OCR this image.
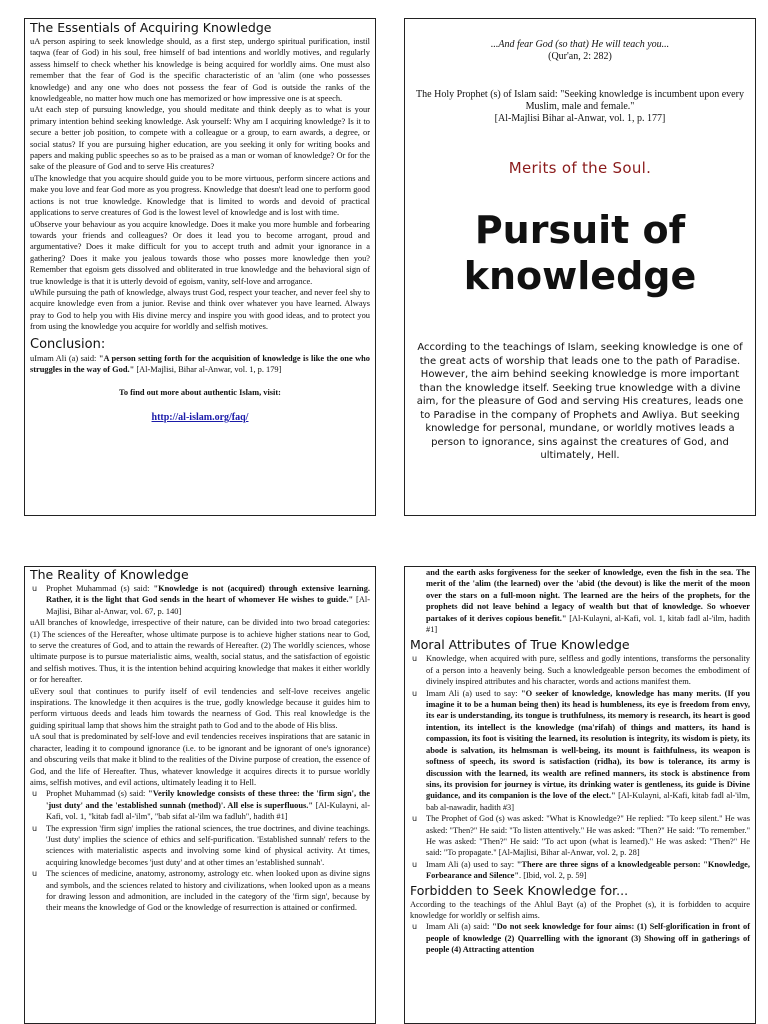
The Essentials of Acquiring Knowledge

uA person aspiring to seek knowledge should, as a first step, undergo spiritual purification, instil taqwa (fear of God) in his soul, free himself of bad intentions and worldly motives, and regularly assess himself to check whether his knowledge is being acquired for worldly aims. One must also remember that the fear of God is the specific characteristic of an 'alim (one who possesses knowledge) and any one who does not possess the fear of God is outside the ranks of the knowledgeable, no matter how much one has memorized or how impressive one is at speech.

uAt each step of pursuing knowledge, you should meditate and think deeply as to what is your primary intention behind seeking knowledge. Ask yourself: Why am I acquiring knowledge? Is it to secure a better job position, to compete with a colleague or a group, to earn awards, a degree, or social status? If you are pursuing higher education, are you seeking it only for writing books and papers and making public speeches so as to be praised as a man or woman of knowledge? Or for the sake of the pleasure of God and to serve His creatures?

uThe knowledge that you acquire should guide you to be more virtuous, perform sincere actions and make you love and fear God more as you progress. Knowledge that doesn't lead one to perform good actions is not true knowledge. Knowledge that is limited to words and devoid of practical applications to serve creatures of God is the lowest level of knowledge and is lost with time.

uObserve your behaviour as you acquire knowledge. Does it make you more humble and forbearing towards your friends and colleagues? Or does it lead you to become arrogant, proud and argumentative? Does it make difficult for you to accept truth and admit your ignorance in a gathering? Does it make you jealous towards those who posses more knowledge then you? Remember that egoism gets dissolved and obliterated in true knowledge and the behavioral sign of true knowledge is that it is utterly devoid of egoism, vanity, self-love and arrogance.

uWhile pursuing the path of knowledge, always trust God, respect your teacher, and never feel shy to acquire knowledge even from a junior. Revise and think over whatever you have learned. Always pray to God to help you with His divine mercy and inspire you with good ideas, and to protect you from using the knowledge you acquire for worldly and selfish motives.

Conclusion:

uImam Ali (a) said: "A person setting forth for the acquisition of knowledge is like the one who struggles in the way of God." [Al-Majlisi, Bihar al-Anwar, vol. 1, p. 179]

To find out more about authentic Islam, visit:

http://al-islam.org/faq/
...And fear God (so that) He will teach you...
(Qur'an, 2: 282)
The Holy Prophet (s) of Islam said: "Seeking knowledge is incumbent upon every Muslim, male and female."
[Al-Majlisi Bihar al-Anwar, vol. 1, p. 177]
Merits of the Soul.
Pursuit of knowledge
According to the teachings of Islam, seeking knowledge is one of the great acts of worship that leads one to the path of Paradise. However, the aim behind seeking knowledge is more important than the knowledge itself. Seeking true knowledge with a divine aim, for the pleasure of God and serving His creatures, leads one to Paradise in the company of Prophets and Awliya. But seeking knowledge for personal, mundane, or worldly motives leads a person to ignorance, sins against the creatures of God, and ultimately, Hell.
The Reality of Knowledge
u Prophet Muhammad (s) said: "Knowledge is not (acquired) through extensive learning. Rather, it is the light that God sends in the heart of whomever He wishes to guide." [Al-Majlisi, Bihar al-Anwar, vol. 67, p. 140]

uAll branches of knowledge, irrespective of their nature, can be divided into two broad categories: (1) The sciences of the Hereafter, whose ultimate purpose is to achieve higher stations near to God, to serve the creatures of God, and to attain the rewards of Hereafter. (2) The worldly sciences, whose ultimate purpose is to pursue materialistic aims, wealth, social status, and the satisfaction of egoistic and selfish motives. Thus, it is the intention behind acquiring knowledge that makes it either worldly or for hereafter.

uEvery soul that continues to purify itself of evil tendencies and self-love receives angelic inspirations. The knowledge it then acquires is the true, godly knowledge because it guides him to perform virtuous deeds and leads him towards the nearness of God. This real knowledge is the guiding spiritual lamp that shows him the straight path to God and to the abode of His bliss.

uA soul that is predominated by self-love and evil tendencies receives inspirations that are satanic in character, leading it to compound ignorance (i.e. to be ignorant and be ignorant of one's ignorance) and obscuring veils that make it blind to the realities of the Divine purpose of creation, the essence of God, and the life of Hereafter. Thus, whatever knowledge it acquires directs it to pursue worldly aims, selfish motives, and evil actions, ultimately leading it to Hell.

u Prophet Muhammad (s) said: "Verily knowledge consists of these three: the 'firm sign', the 'just duty' and the 'established sunnah (method)'. All else is superfluous." [Al-Kulayni, al-Kafi, vol. 1, "kitab fadl al-'ilm", "bab sifat al-'ilm wa fadluh", hadith #1]
u The expression 'firm sign' implies the rational sciences, the true doctrines, and divine teachings. 'Just duty' implies the science of ethics and self-purification. 'Established sunnah' refers to the sciences with materialistic aspects and involving some kind of physical activity. At times, acquiring knowledge becomes 'just duty' and at other times an 'established sunnah'.
u The sciences of medicine, anatomy, astronomy, astrology etc. when looked upon as divine signs and symbols, and the sciences related to history and civilizations, when looked upon as a means for drawing lesson and admonition, are included in the category of the 'firm sign', because by their means the knowledge of God or the knowledge of resurrection is attained or confirmed.

and the earth asks forgiveness for the seeker of knowledge, even the fish in the sea. The merit of the 'alim (the learned) over the 'abid (the devout) is like the merit of the moon over the stars on a full-moon night. The learned are the heirs of the prophets, for the prophets did not leave behind a legacy of wealth but that of knowledge. So whoever partakes of it derives copious benefit." [Al-Kulayni, al-Kafi, vol. 1, kitab fadl al-'ilm, hadith #1]

Moral Attributes of True Knowledge
u Knowledge, when acquired with pure, selfless and godly intentions, transforms the personality of a person into a heavenly being. Such a knowledgeable person becomes the embodiment of divinely inspired attributes and his character, words and actions manifest them.
u Imam Ali (a) used to say: "O seeker of knowledge, knowledge has many merits. (If you imagine it to be a human being then) its head is humbleness, its eye is freedom from envy, its ear is understanding, its tongue is truthfulness, its memory is research, its heart is good intention, its intellect is the knowledge (ma'rifah) of things and matters, its hand is compassion, its foot is visiting the learned, its resolution is integrity, its wisdom is piety, its abode is salvation, its helmsman is well-being, its mount is faithfulness, its weapon is softness of speech, its sword is satisfaction (ridha), its bow is tolerance, its army is discussion with the learned, its wealth are refined manners, its stock is abstinence from sins, its provision for journey is virtue, its drinking water is gentleness, its guide is Divine guidance, and its companion is the love of the elect." [Al-Kulayni, al-Kafi, kitab fadl al-'ilm, bab al-nawadir, hadith #3]
u The Prophet of God (s) was asked: "What is Knowledge?" He replied: "To keep silent." He was asked: "Then?" He said: "To listen attentively." He was asked: "Then?" He said: "To remember." He was asked: "Then?" He said: "To act upon (what is learned)." He was asked: "Then?" He said: "To propagate." [Al-Majlisi, Bihar al-Anwar, vol. 2, p. 28]
u Imam Ali (a) used to say: "There are three signs of a knowledgeable person: "Knowledge, Forbearance and Silence". [Ibid, vol. 2, p. 59]
Forbidden to Seek Knowledge for...

According to the teachings of the Ahlul Bayt (a) of the Prophet (s), it is forbidden to acquire knowledge for worldly or selfish aims.

u Imam Ali (a) said: "Do not seek knowledge for four aims: (1) Self-glorification in front of people of knowledge (2) Quarrelling with the ignorant (3) Showing off in gatherings of people (4) Attracting attention
